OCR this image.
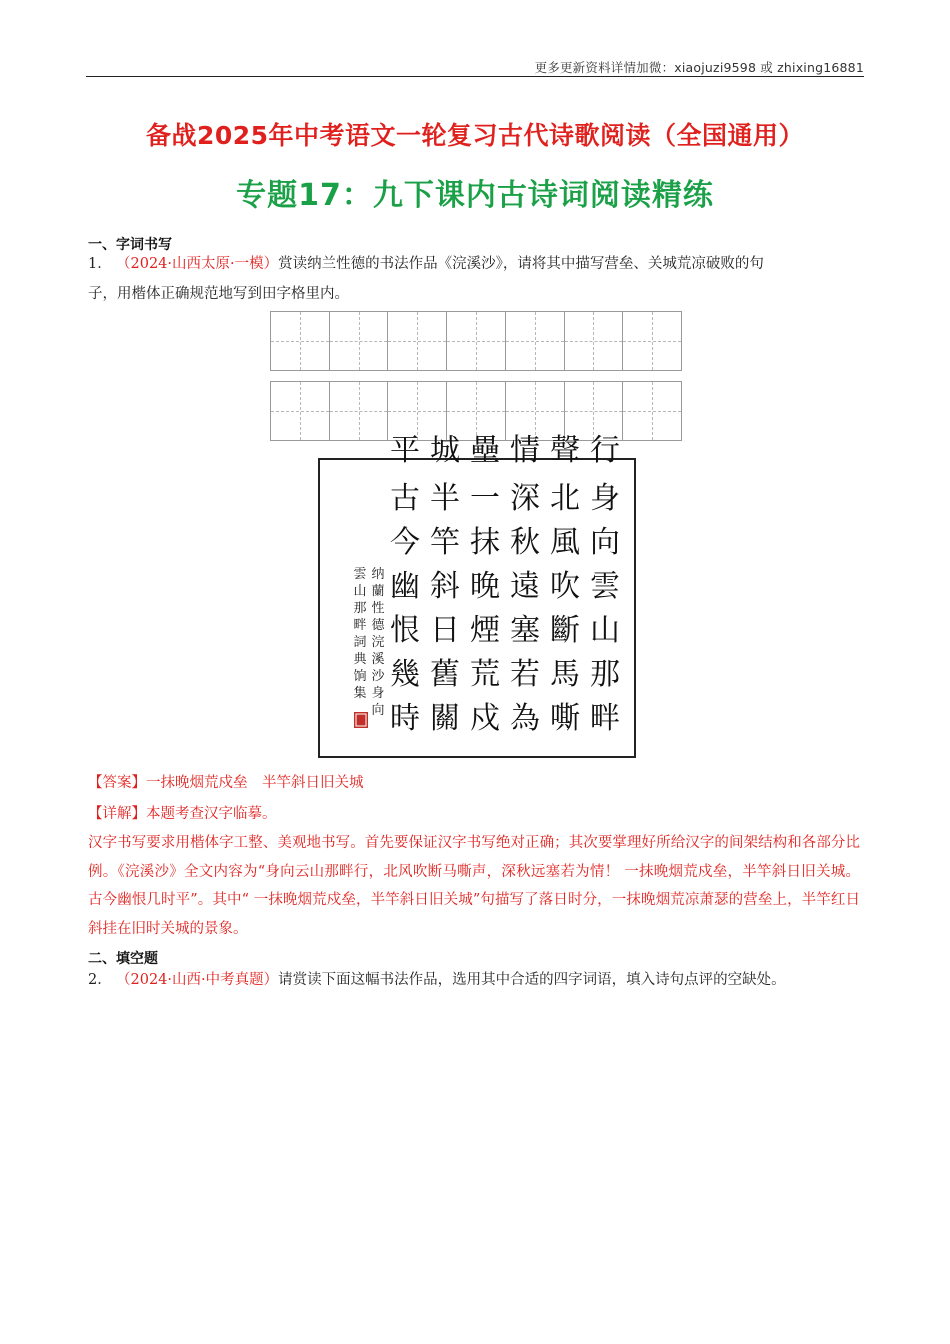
更多更新资料详情加微：xiaojuzi9598 或 zhixing16881
备战2025年中考语文一轮复习古代诗歌阅读（全国通用）
专题17：九下课内古诗词阅读精练
一、字词书写
1． （2024·山西太原·一模）赏读纳兰性德的书法作品《浣溪沙》，请将其中描写营垒、关城荒凉破败的句
子，用楷体正确规范地写到田字格里内。
身
向
雲
山
那
畔
行
北
風
吹
斷
馬
嘶
聲
深
秋
遠
塞
若
為
情
一
抹
晚
煙
荒
戍
壘
半
竿
斜
日
舊
關
城
古
今
幽
恨
幾
時
平
纳
蘭
性
德
浣
溪
沙
身
向
雲
山
那
畔
詞
典
饷
集
【答案】一抹晚烟荒戍垒　半竿斜日旧关城
【详解】本题考查汉字临摹。
汉字书写要求用楷体字工整、美观地书写。首先要保证汉字书写绝对正确；其次要掌理好所给汉字的间架结构和各部分比例。《浣溪沙》全文内容为“身向云山那畔行，北风吹断马嘶声，深秋远塞若为情！ 一抹晚烟荒戍垒，半竿斜日旧关城。古今幽恨几时平”。其中“ 一抹晚烟荒戍垒，半竿斜日旧关城”句描写了落日时分，一抹晚烟荒凉萧瑟的营垒上，半竿红日斜挂在旧时关城的景象。
二、填空题
2． （2024·山西·中考真题）请赏读下面这幅书法作品，选用其中合适的四字词语，填入诗句点评的空缺处。
